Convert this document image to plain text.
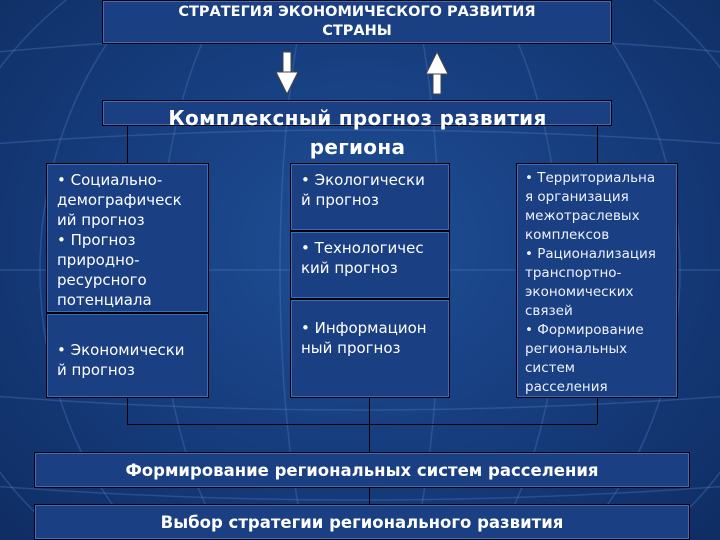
СТРАТЕГИЯ ЭКОНОМИЧЕСКОГО РАЗВИТИЯ
СТРАНЫ
• Социально-
демографическ
ий прогноз
• Прогноз
природно-
ресурсного
потенциала
• Экономически
й прогноз
• Экологически
й прогноз
• Технологичес
кий прогноз
• Информацион
ный прогноз
• Территориальна
я организация
межотраслевых
комплексов
• Рационализация
транспортно-
экономических
связей
• Формирование
региональных
систем
расселения
Формирование региональных систем расселения
Выбор стратегии регионального развития
Комплексный прогноз развития
региона
